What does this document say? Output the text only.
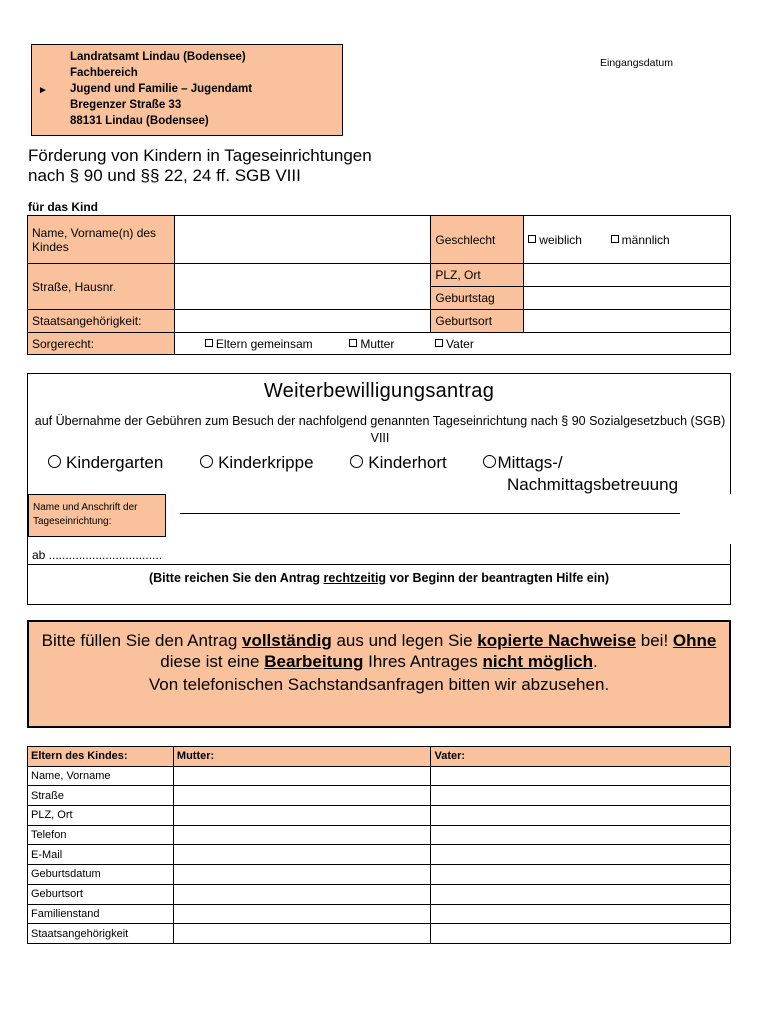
►
Landratsamt Lindau (Bodensee)
Fachbereich
Jugend und Familie – Jugendamt
Bregenzer Straße 33
88131 Lindau (Bodensee)
Eingangsdatum
Förderung von Kindern in Tageseinrichtungen
nach § 90 und §§ 22, 24 ff. SGB VIII
für das Kind
Name, Vorname(n) des Kindes		Geschlecht	weiblich männlich
Straße, Hausnr.		PLZ, Ort	
		Geburtstag	
Staatsangehörigkeit:		Geburtsort	
Sorgerecht:	Eltern gemeinsam Mutter Vater		
Weiterbewilligungsantrag
auf Übernahme der Gebühren zum Besuch der nachfolgend genannten Tageseinrichtung nach § 90 Sozialgesetzbuch (SGB) VIII
Kindergarten	Kinderkrippe	Kinderhort	Mittags-/
Nachmittagsbetreuung
Name und Anschrift der Tageseinrichtung:
ab ..................................
(Bitte reichen Sie den Antrag rechtzeitig vor Beginn der beantragten Hilfe ein)
Bitte füllen Sie den Antrag vollständig aus und legen Sie kopierte Nachweise bei! Ohne diese ist eine Bearbeitung Ihres Antrages nicht möglich.
Von telefonischen Sachstandsanfragen bitten wir abzusehen.
Eltern des Kindes:	Mutter:	Vater:
Name, Vorname		
Straße		
PLZ, Ort		
Telefon		
E-Mail		
Geburtsdatum		
Geburtsort		
Familienstand		
Staatsangehörigkeit		
